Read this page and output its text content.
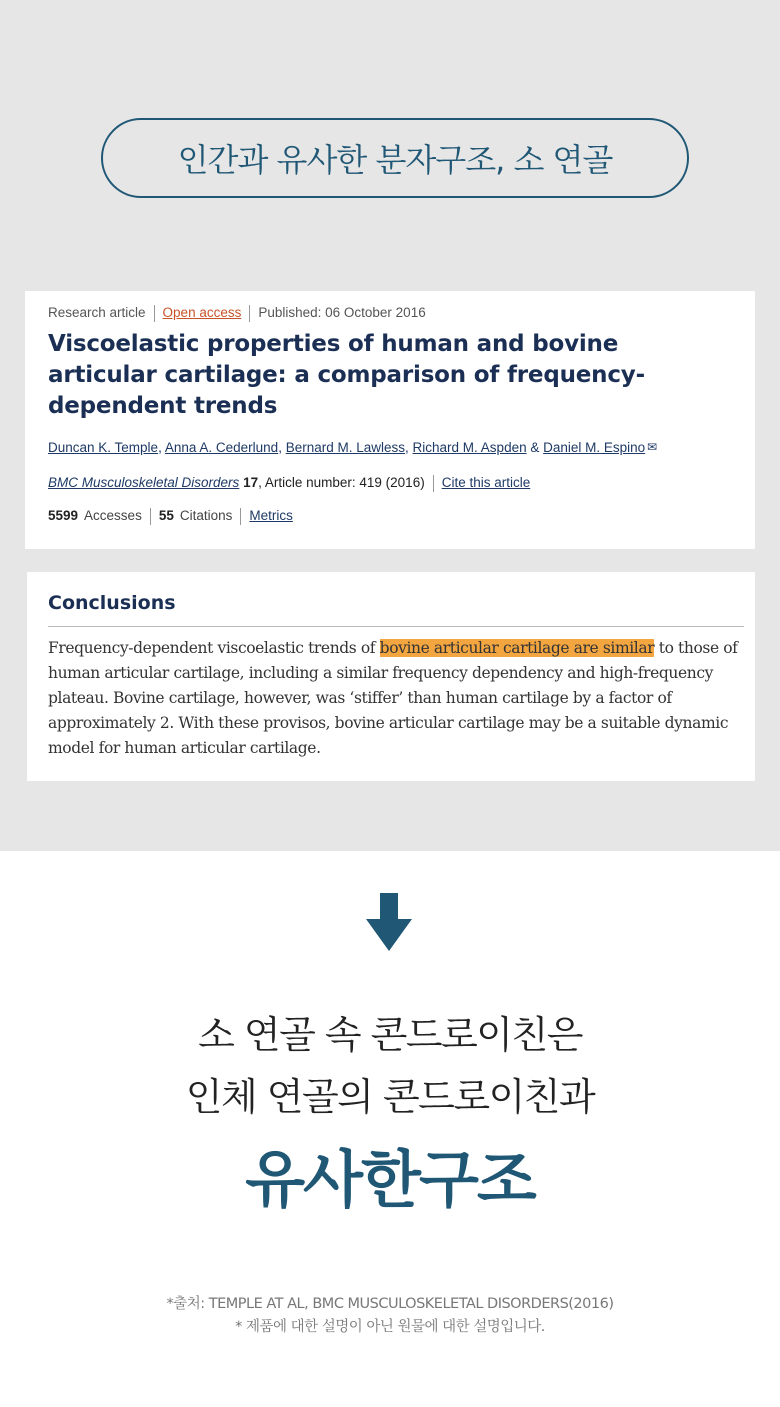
인간과 유사한 분자구조, 소 연골
Research article Open access Published: 06 October 2016
Viscoelastic properties of human and bovine articular cartilage: a comparison of frequency-dependent trends
Duncan K. Temple, Anna A. Cederlund, Bernard M. Lawless, Richard M. Aspden & Daniel M. Espino ✉
BMC Musculoskeletal Disorders 17, Article number: 419 (2016) Cite this article
5599 Accesses 55 Citations Metrics
Conclusions
Frequency-dependent viscoelastic trends of bovine articular cartilage are similar to those of human articular cartilage, including a similar frequency dependency and high-frequency plateau. Bovine cartilage, however, was ‘stiffer’ than human cartilage by a factor of approximately 2. With these provisos, bovine articular cartilage may be a suitable dynamic model for human articular cartilage.
소 연골 속 콘드로이친은
인체 연골의 콘드로이친과
유사한구조
*출처: TEMPLE AT AL, BMC MUSCULOSKELETAL DISORDERS(2016)
* 제품에 대한 설명이 아닌 원물에 대한 설명입니다.
